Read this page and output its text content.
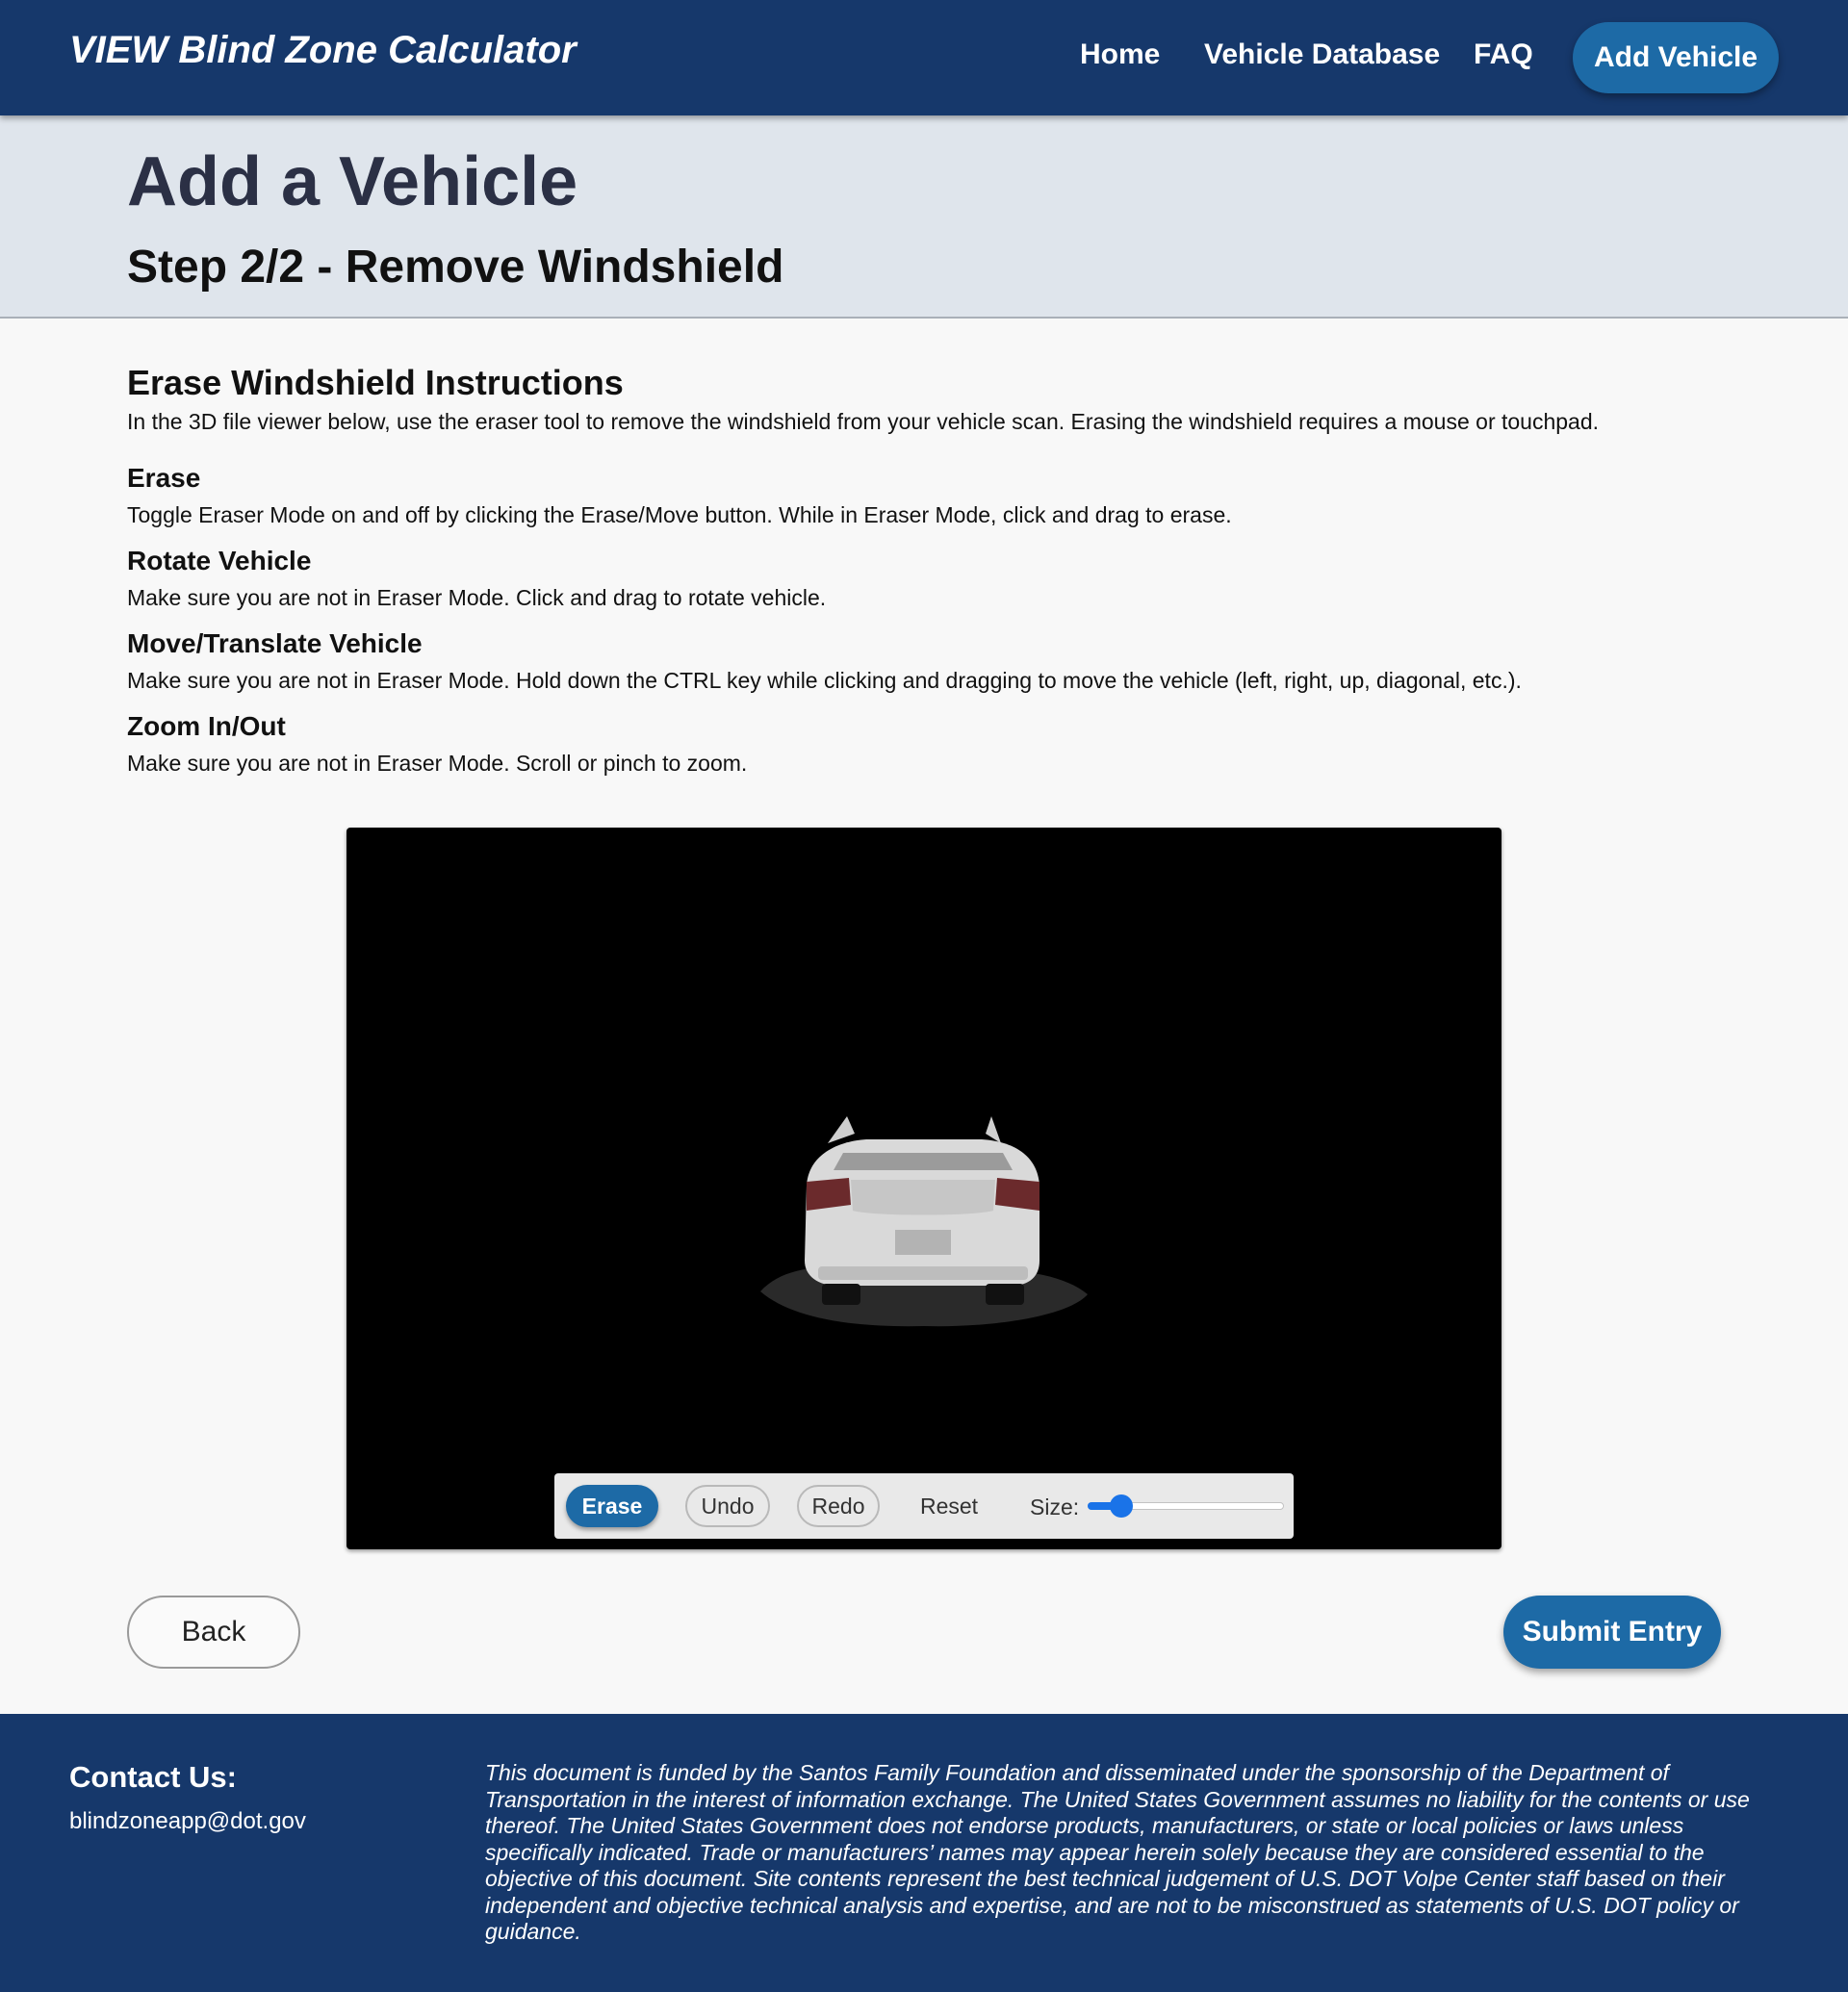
VIEW Blind Zone Calculator	Home Vehicle Database FAQ	Add Vehicle
Add a Vehicle
Step 2/2 - Remove Windshield
Erase Windshield Instructions
In the 3D file viewer below, use the eraser tool to remove the windshield from your vehicle scan. Erasing the windshield requires a mouse or touchpad.
Erase
Toggle Eraser Mode on and off by clicking the Erase/Move button. While in Eraser Mode, click and drag to erase.
Rotate Vehicle
Make sure you are not in Eraser Mode. Click and drag to rotate vehicle.
Move/Translate Vehicle
Make sure you are not in Eraser Mode. Hold down the CTRL key while clicking and dragging to move the vehicle (left, right, up, diagonal, etc.).
Zoom In/Out
Make sure you are not in Eraser Mode. Scroll or pinch to zoom.
Erase	Undo	Redo	Reset	Size:
Back	Submit Entry
Contact Us:
blindzoneapp@dot.gov
This document is funded by the Santos Family Foundation and disseminated under the sponsorship of the Department of Transportation in the interest of information exchange. The United States Government assumes no liability for the contents or use thereof. The United States Government does not endorse products, manufacturers, or state or local policies or laws unless specifically indicated. Trade or manufacturers’ names may appear herein solely because they are considered essential to the objective of this document. Site contents represent the best technical judgement of U.S. DOT Volpe Center staff based on their independent and objective technical analysis and expertise, and are not to be misconstrued as statements of U.S. DOT policy or guidance.
